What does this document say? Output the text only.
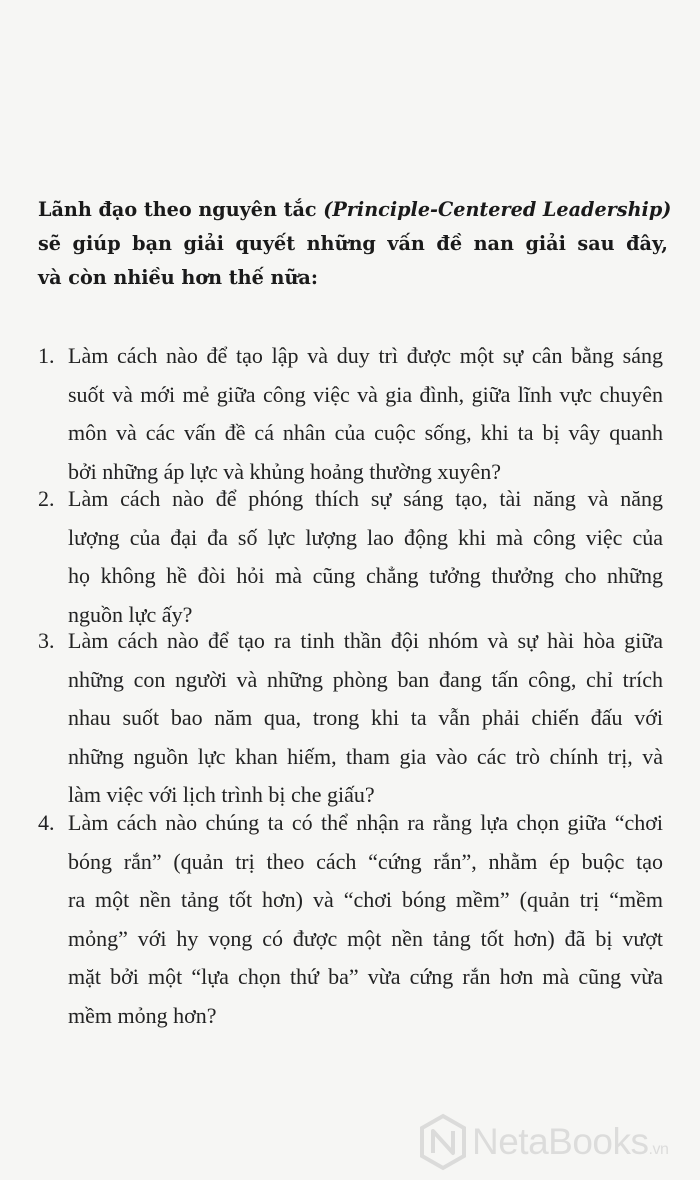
Lãnh đạo theo nguyên tắc (Principle-Centered Leadership)
sẽ giúp bạn giải quyết những vấn đề nan giải sau đây,
và còn nhiều hơn thế nữa:
1. Làm cách nào để tạo lập và duy trì được một sự cân bằng sáng
suốt và mới mẻ giữa công việc và gia đình, giữa lĩnh vực chuyên
môn và các vấn đề cá nhân của cuộc sống, khi ta bị vây quanh
bởi những áp lực và khủng hoảng thường xuyên?
2. Làm cách nào để phóng thích sự sáng tạo, tài năng và năng
lượng của đại đa số lực lượng lao động khi mà công việc của
họ không hề đòi hỏi mà cũng chẳng tưởng thưởng cho những
nguồn lực ấy?
3. Làm cách nào để tạo ra tinh thần đội nhóm và sự hài hòa giữa
những con người và những phòng ban đang tấn công, chỉ trích
nhau suốt bao năm qua, trong khi ta vẫn phải chiến đấu với
những nguồn lực khan hiếm, tham gia vào các trò chính trị, và
làm việc với lịch trình bị che giấu?
4. Làm cách nào chúng ta có thể nhận ra rằng lựa chọn giữa “chơi
bóng rắn” (quản trị theo cách “cứng rắn”, nhằm ép buộc tạo
ra một nền tảng tốt hơn) và “chơi bóng mềm” (quản trị “mềm
mỏng” với hy vọng có được một nền tảng tốt hơn) đã bị vượt
mặt bởi một “lựa chọn thứ ba” vừa cứng rắn hơn mà cũng vừa
mềm mỏng hơn?
NetaBooks.vn
